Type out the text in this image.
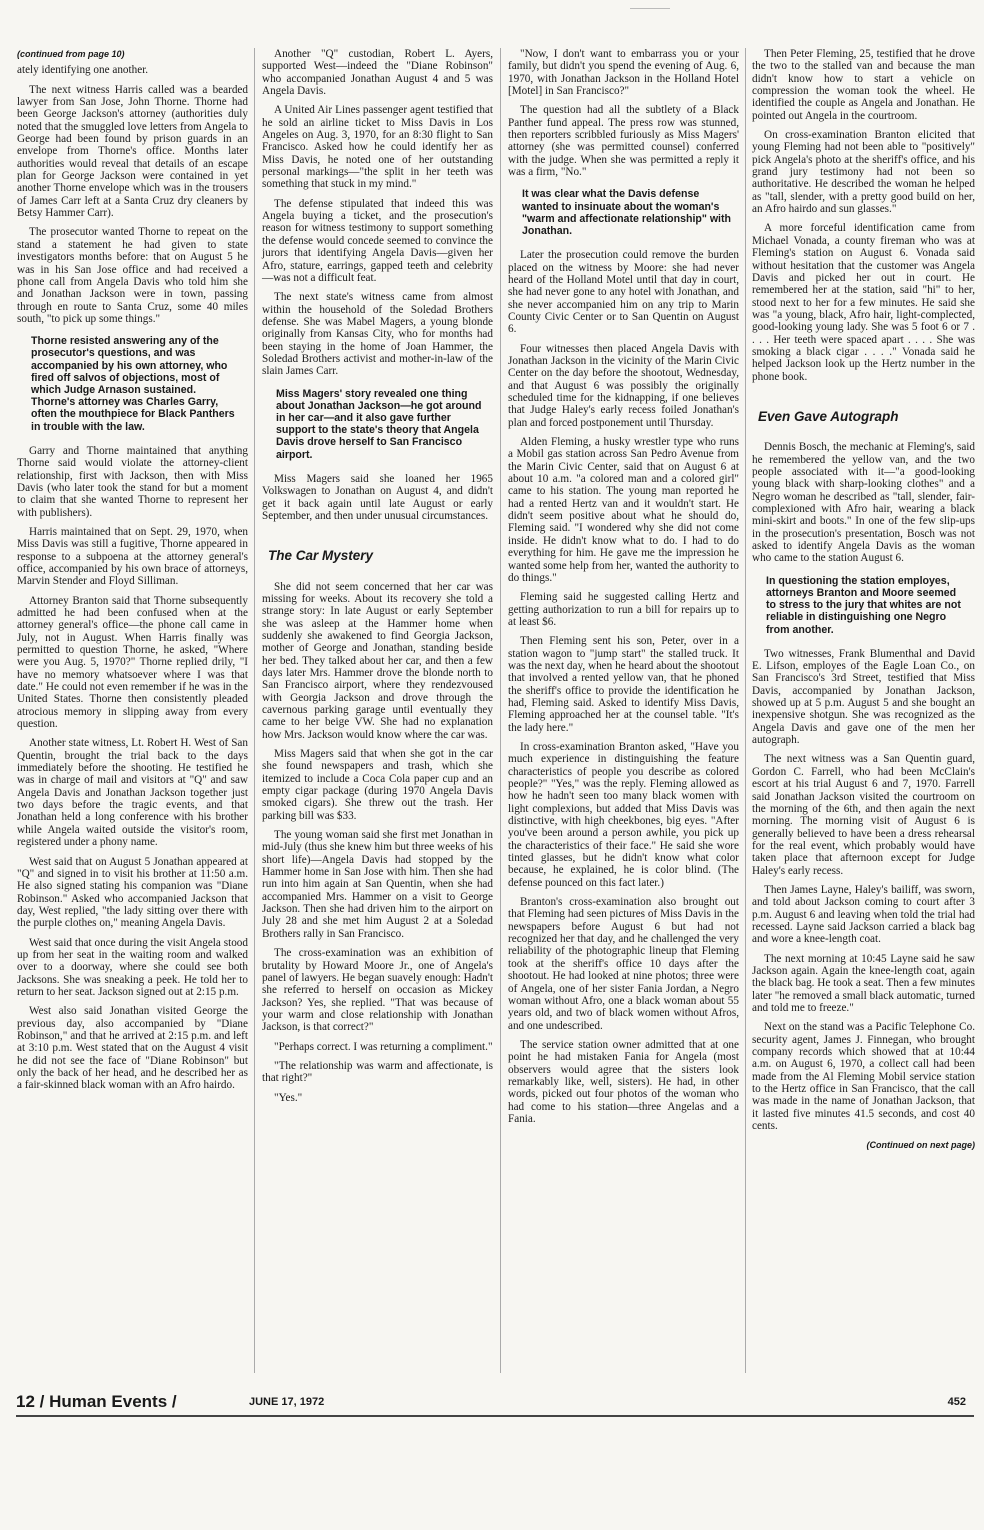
(continued from page 10)

ately identifying one another.

The next witness Harris called was a bearded lawyer from San Jose, John Thorne. Thorne had been George Jackson's attorney (authorities duly noted that the smuggled love letters from Angela to George had been found by prison guards in an envelope from Thorne's office. Months later authorities would reveal that details of an escape plan for George Jackson were contained in yet another Thorne envelope which was in the trousers of James Carr left at a Santa Cruz dry cleaners by Betsy Hammer Carr).

The prosecutor wanted Thorne to repeat on the stand a statement he had given to state investigators months before: that on August 5 he was in his San Jose office and had received a phone call from Angela Davis who told him she and Jonathan Jackson were in town, passing through en route to Santa Cruz, some 40 miles south, "to pick up some things."

Thorne resisted answering any of the prosecutor's questions, and was accompanied by his own attorney, who fired off salvos of objections, most of which Judge Arnason sustained. Thorne's attorney was Charles Garry, often the mouthpiece for Black Panthers in trouble with the law.

Garry and Thorne maintained that anything Thorne said would violate the attorney-client relationship, first with Jackson, then with Miss Davis (who later took the stand for but a moment to claim that she wanted Thorne to represent her with publishers).

Harris maintained that on Sept. 29, 1970, when Miss Davis was still a fugitive, Thorne appeared in response to a subpoena at the attorney general's office, accompanied by his own brace of attorneys, Marvin Stender and Floyd Silliman.

Attorney Branton said that Thorne subsequently admitted he had been confused when at the attorney general's office—the phone call came in July, not in August. When Harris finally was permitted to question Thorne, he asked, "Where were you Aug. 5, 1970?" Thorne replied drily, "I have no memory whatsoever where I was that date." He could not even remember if he was in the United States. Thorne then consistently pleaded atrocious memory in slipping away from every question.

Another state witness, Lt. Robert H. West of San Quentin, brought the trial back to the days immediately before the shooting. He testified he was in charge of mail and visitors at "Q" and saw Angela Davis and Jonathan Jackson together just two days before the tragic events, and that Jonathan held a long conference with his brother while Angela waited outside the visitor's room, registered under a phony name.

West said that on August 5 Jonathan appeared at "Q" and signed in to visit his brother at 11:50 a.m. He also signed stating his companion was "Diane Robinson." Asked who accompanied Jackson that day, West replied, "the lady sitting over there with the purple clothes on," meaning Angela Davis.

West said that once during the visit Angela stood up from her seat in the waiting room and walked over to a doorway, where she could see both Jacksons. She was sneaking a peek. He told her to return to her seat. Jackson signed out at 2:15 p.m.

West also said Jonathan visited George the previous day, also accompanied by "Diane Robinson," and that he arrived at 2:15 p.m. and left at 3:10 p.m. West stated that on the August 4 visit he did not see the face of "Diane Robinson" but only the back of her head, and he described her as a fair-skinned black woman with an Afro hairdo.

Another "Q" custodian, Robert L. Ayers, supported West—indeed the "Diane Robinson" who accompanied Jonathan August 4 and 5 was Angela Davis.

A United Air Lines passenger agent testified that he sold an airline ticket to Miss Davis in Los Angeles on Aug. 3, 1970, for an 8:30 flight to San Francisco. Asked how he could identify her as Miss Davis, he noted one of her outstanding personal markings—"the split in her teeth was something that stuck in my mind."

The defense stipulated that indeed this was Angela buying a ticket, and the prosecution's reason for witness testimony to support something the defense would concede seemed to convince the jurors that identifying Angela Davis—given her Afro, stature, earrings, gapped teeth and celebrity—was not a difficult feat.

The next state's witness came from almost within the household of the Soledad Brothers defense. She was Mabel Magers, a young blonde originally from Kansas City, who for months had been staying in the home of Joan Hammer, the Soledad Brothers activist and mother-in-law of the slain James Carr.

Miss Magers' story revealed one thing about Jonathan Jackson—he got around in her car—and it also gave further support to the state's theory that Angela Davis drove herself to San Francisco airport.

Miss Magers said she loaned her 1965 Volkswagen to Jonathan on August 4, and didn't get it back again until late August or early September, and then under unusual circumstances.

The Car Mystery

She did not seem concerned that her car was missing for weeks. About its recovery she told a strange story: In late August or early September she was asleep at the Hammer home when suddenly she awakened to find Georgia Jackson, mother of George and Jonathan, standing beside her bed. They talked about her car, and then a few days later Mrs. Hammer drove the blonde north to San Francisco airport, where they rendezvoused with Georgia Jackson and drove through the cavernous parking garage until eventually they came to her beige VW. She had no explanation how Mrs. Jackson would know where the car was.

Miss Magers said that when she got in the car she found newspapers and trash, which she itemized to include a Coca Cola paper cup and an empty cigar package (during 1970 Angela Davis smoked cigars). She threw out the trash. Her parking bill was $33.

The young woman said she first met Jonathan in mid-July (thus she knew him but three weeks of his short life)—Angela Davis had stopped by the Hammer home in San Jose with him. Then she had run into him again at San Quentin, when she had accompanied Mrs. Hammer on a visit to George Jackson. Then she had driven him to the airport on July 28 and she met him August 2 at a Soledad Brothers rally in San Francisco.

The cross-examination was an exhibition of brutality by Howard Moore Jr., one of Angela's panel of lawyers. He began suavely enough: Hadn't she referred to herself on occasion as Mickey Jackson? Yes, she replied. "That was because of your warm and close relationship with Jonathan Jackson, is that correct?"

"Perhaps correct. I was returning a compliment."

"The relationship was warm and affectionate, is that right?"

"Yes."

"Now, I don't want to embarrass you or your family, but didn't you spend the evening of Aug. 6, 1970, with Jonathan Jackson in the Holland Hotel [Motel] in San Francisco?"

The question had all the subtlety of a Black Panther fund appeal. The press row was stunned, then reporters scribbled furiously as Miss Magers' attorney (she was permitted counsel) conferred with the judge. When she was permitted a reply it was a firm, "No."

It was clear what the Davis defense wanted to insinuate about the woman's "warm and affectionate relationship" with Jonathan.

Later the prosecution could remove the burden placed on the witness by Moore: she had never heard of the Holland Motel until that day in court, she had never gone to any hotel with Jonathan, and she never accompanied him on any trip to Marin County Civic Center or to San Quentin on August 6.

Four witnesses then placed Angela Davis with Jonathan Jackson in the vicinity of the Marin Civic Center on the day before the shootout, Wednesday, and that August 6 was possibly the originally scheduled time for the kidnapping, if one believes that Judge Haley's early recess foiled Jonathan's plan and forced postponement until Thursday.

Alden Fleming, a husky wrestler type who runs a Mobil gas station across San Pedro Avenue from the Marin Civic Center, said that on August 6 at about 10 a.m. "a colored man and a colored girl" came to his station. The young man reported he had a rented Hertz van and it wouldn't start. He didn't seem positive about what he should do, Fleming said. "I wondered why she did not come inside. He didn't know what to do. I had to do everything for him. He gave me the impression he wanted some help from her, wanted the authority to do things."

Fleming said he suggested calling Hertz and getting authorization to run a bill for repairs up to at least $6.

Then Fleming sent his son, Peter, over in a station wagon to "jump start" the stalled truck. It was the next day, when he heard about the shootout that involved a rented yellow van, that he phoned the sheriff's office to provide the identification he had, Fleming said. Asked to identify Miss Davis, Fleming approached her at the counsel table. "It's the lady here."

In cross-examination Branton asked, "Have you much experience in distinguishing the feature characteristics of people you describe as colored people?" "Yes," was the reply. Fleming allowed as how he hadn't seen too many black women with light complexions, but added that Miss Davis was distinctive, with high cheekbones, big eyes. "After you've been around a person awhile, you pick up the characteristics of their face." He said she wore tinted glasses, but he didn't know what color because, he explained, he is color blind. (The defense pounced on this fact later.)

Branton's cross-examination also brought out that Fleming had seen pictures of Miss Davis in the newspapers before August 6 but had not recognized her that day, and he challenged the very reliability of the photographic lineup that Fleming took at the sheriff's office 10 days after the shootout. He had looked at nine photos; three were of Angela, one of her sister Fania Jordan, a Negro woman without Afro, one a black woman about 55 years old, and two of black women without Afros, and one undescribed.

The service station owner admitted that at one point he had mistaken Fania for Angela (most observers would agree that the sisters look remarkably like, well, sisters). He had, in other words, picked out four photos of the woman who had come to his station—three Angelas and a Fania.

Then Peter Fleming, 25, testified that he drove the two to the stalled van and because the man didn't know how to start a vehicle on compression the woman took the wheel. He identified the couple as Angela and Jonathan. He pointed out Angela in the courtroom.

On cross-examination Branton elicited that young Fleming had not been able to "positively" pick Angela's photo at the sheriff's office, and his grand jury testimony had not been so authoritative. He described the woman he helped as "tall, slender, with a pretty good build on her, an Afro hairdo and sun glasses."

A more forceful identification came from Michael Vonada, a county fireman who was at Fleming's station on August 6. Vonada said without hesitation that the customer was Angela Davis and picked her out in court. He remembered her at the station, said "hi" to her, stood next to her for a few minutes. He said she was "a young, black, Afro hair, light-complected, good-looking young lady. She was 5 foot 6 or 7 . . . . Her teeth were spaced apart . . . . She was smoking a black cigar . . . ." Vonada said he helped Jackson look up the Hertz number in the phone book.

Even Gave Autograph

Dennis Bosch, the mechanic at Fleming's, said he remembered the yellow van, and the two people associated with it—"a good-looking young black with sharp-looking clothes" and a Negro woman he described as "tall, slender, fair-complexioned with Afro hair, wearing a black mini-skirt and boots." In one of the few slip-ups in the prosecution's presentation, Bosch was not asked to identify Angela Davis as the woman who came to the station August 6.

In questioning the station employes, attorneys Branton and Moore seemed to stress to the jury that whites are not reliable in distinguishing one Negro from another.

Two witnesses, Frank Blumenthal and David E. Lifson, employes of the Eagle Loan Co., on San Francisco's 3rd Street, testified that Miss Davis, accompanied by Jonathan Jackson, showed up at 5 p.m. August 5 and she bought an inexpensive shotgun. She was recognized as the Angela Davis and gave one of the men her autograph.

The next witness was a San Quentin guard, Gordon C. Farrell, who had been McClain's escort at his trial August 6 and 7, 1970. Farrell said Jonathan Jackson visited the courtroom on the morning of the 6th, and then again the next morning. The morning visit of August 6 is generally believed to have been a dress rehearsal for the real event, which probably would have taken place that afternoon except for Judge Haley's early recess.

Then James Layne, Haley's bailiff, was sworn, and told about Jackson coming to court after 3 p.m. August 6 and leaving when told the trial had recessed. Layne said Jackson carried a black bag and wore a knee-length coat.

The next morning at 10:45 Layne said he saw Jackson again. Again the knee-length coat, again the black bag. He took a seat. Then a few minutes later "he removed a small black automatic, turned and told me to freeze."

Next on the stand was a Pacific Telephone Co. security agent, James J. Finnegan, who brought company records which showed that at 10:44 a.m. on August 6, 1970, a collect call had been made from the Al Fleming Mobil service station to the Hertz office in San Francisco, that the call was made in the name of Jonathan Jackson, that it lasted five minutes 41.5 seconds, and cost 40 cents.

(Continued on next page)
12 / Human Events /	JUNE 17, 1972	452
